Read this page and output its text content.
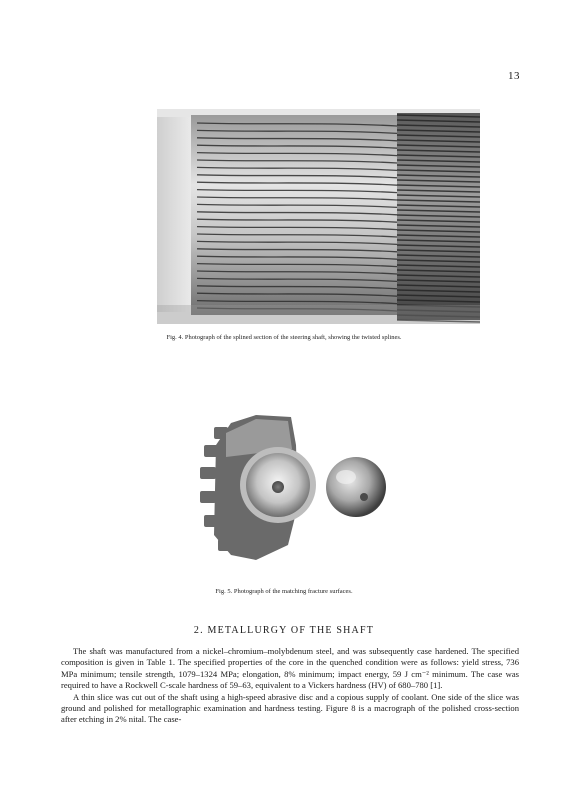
13
Fig. 4. Photograph of the splined section of the steering shaft, showing the twisted splines.
Fig. 5. Photograph of the matching fracture surfaces.
2. METALLURGY OF THE SHAFT

The shaft was manufactured from a nickel–chromium–molybdenum steel, and was subsequently case hardened. The specified composition is given in Table 1. The specified properties of the core in the quenched condition were as follows: yield stress, 736 MPa minimum; tensile strength, 1079–1324 MPa; elongation, 8% minimum; impact energy, 59 J cm⁻² minimum. The case was required to have a Rockwell C-scale hardness of 59–63, equivalent to a Vickers hardness (HV) of 680–780 [1].

A thin slice was cut out of the shaft using a high-speed abrasive disc and a copious supply of coolant. One side of the slice was ground and polished for metallographic examination and hardness testing. Figure 8 is a macrograph of the polished cross-section after etching in 2% nital. The case-
